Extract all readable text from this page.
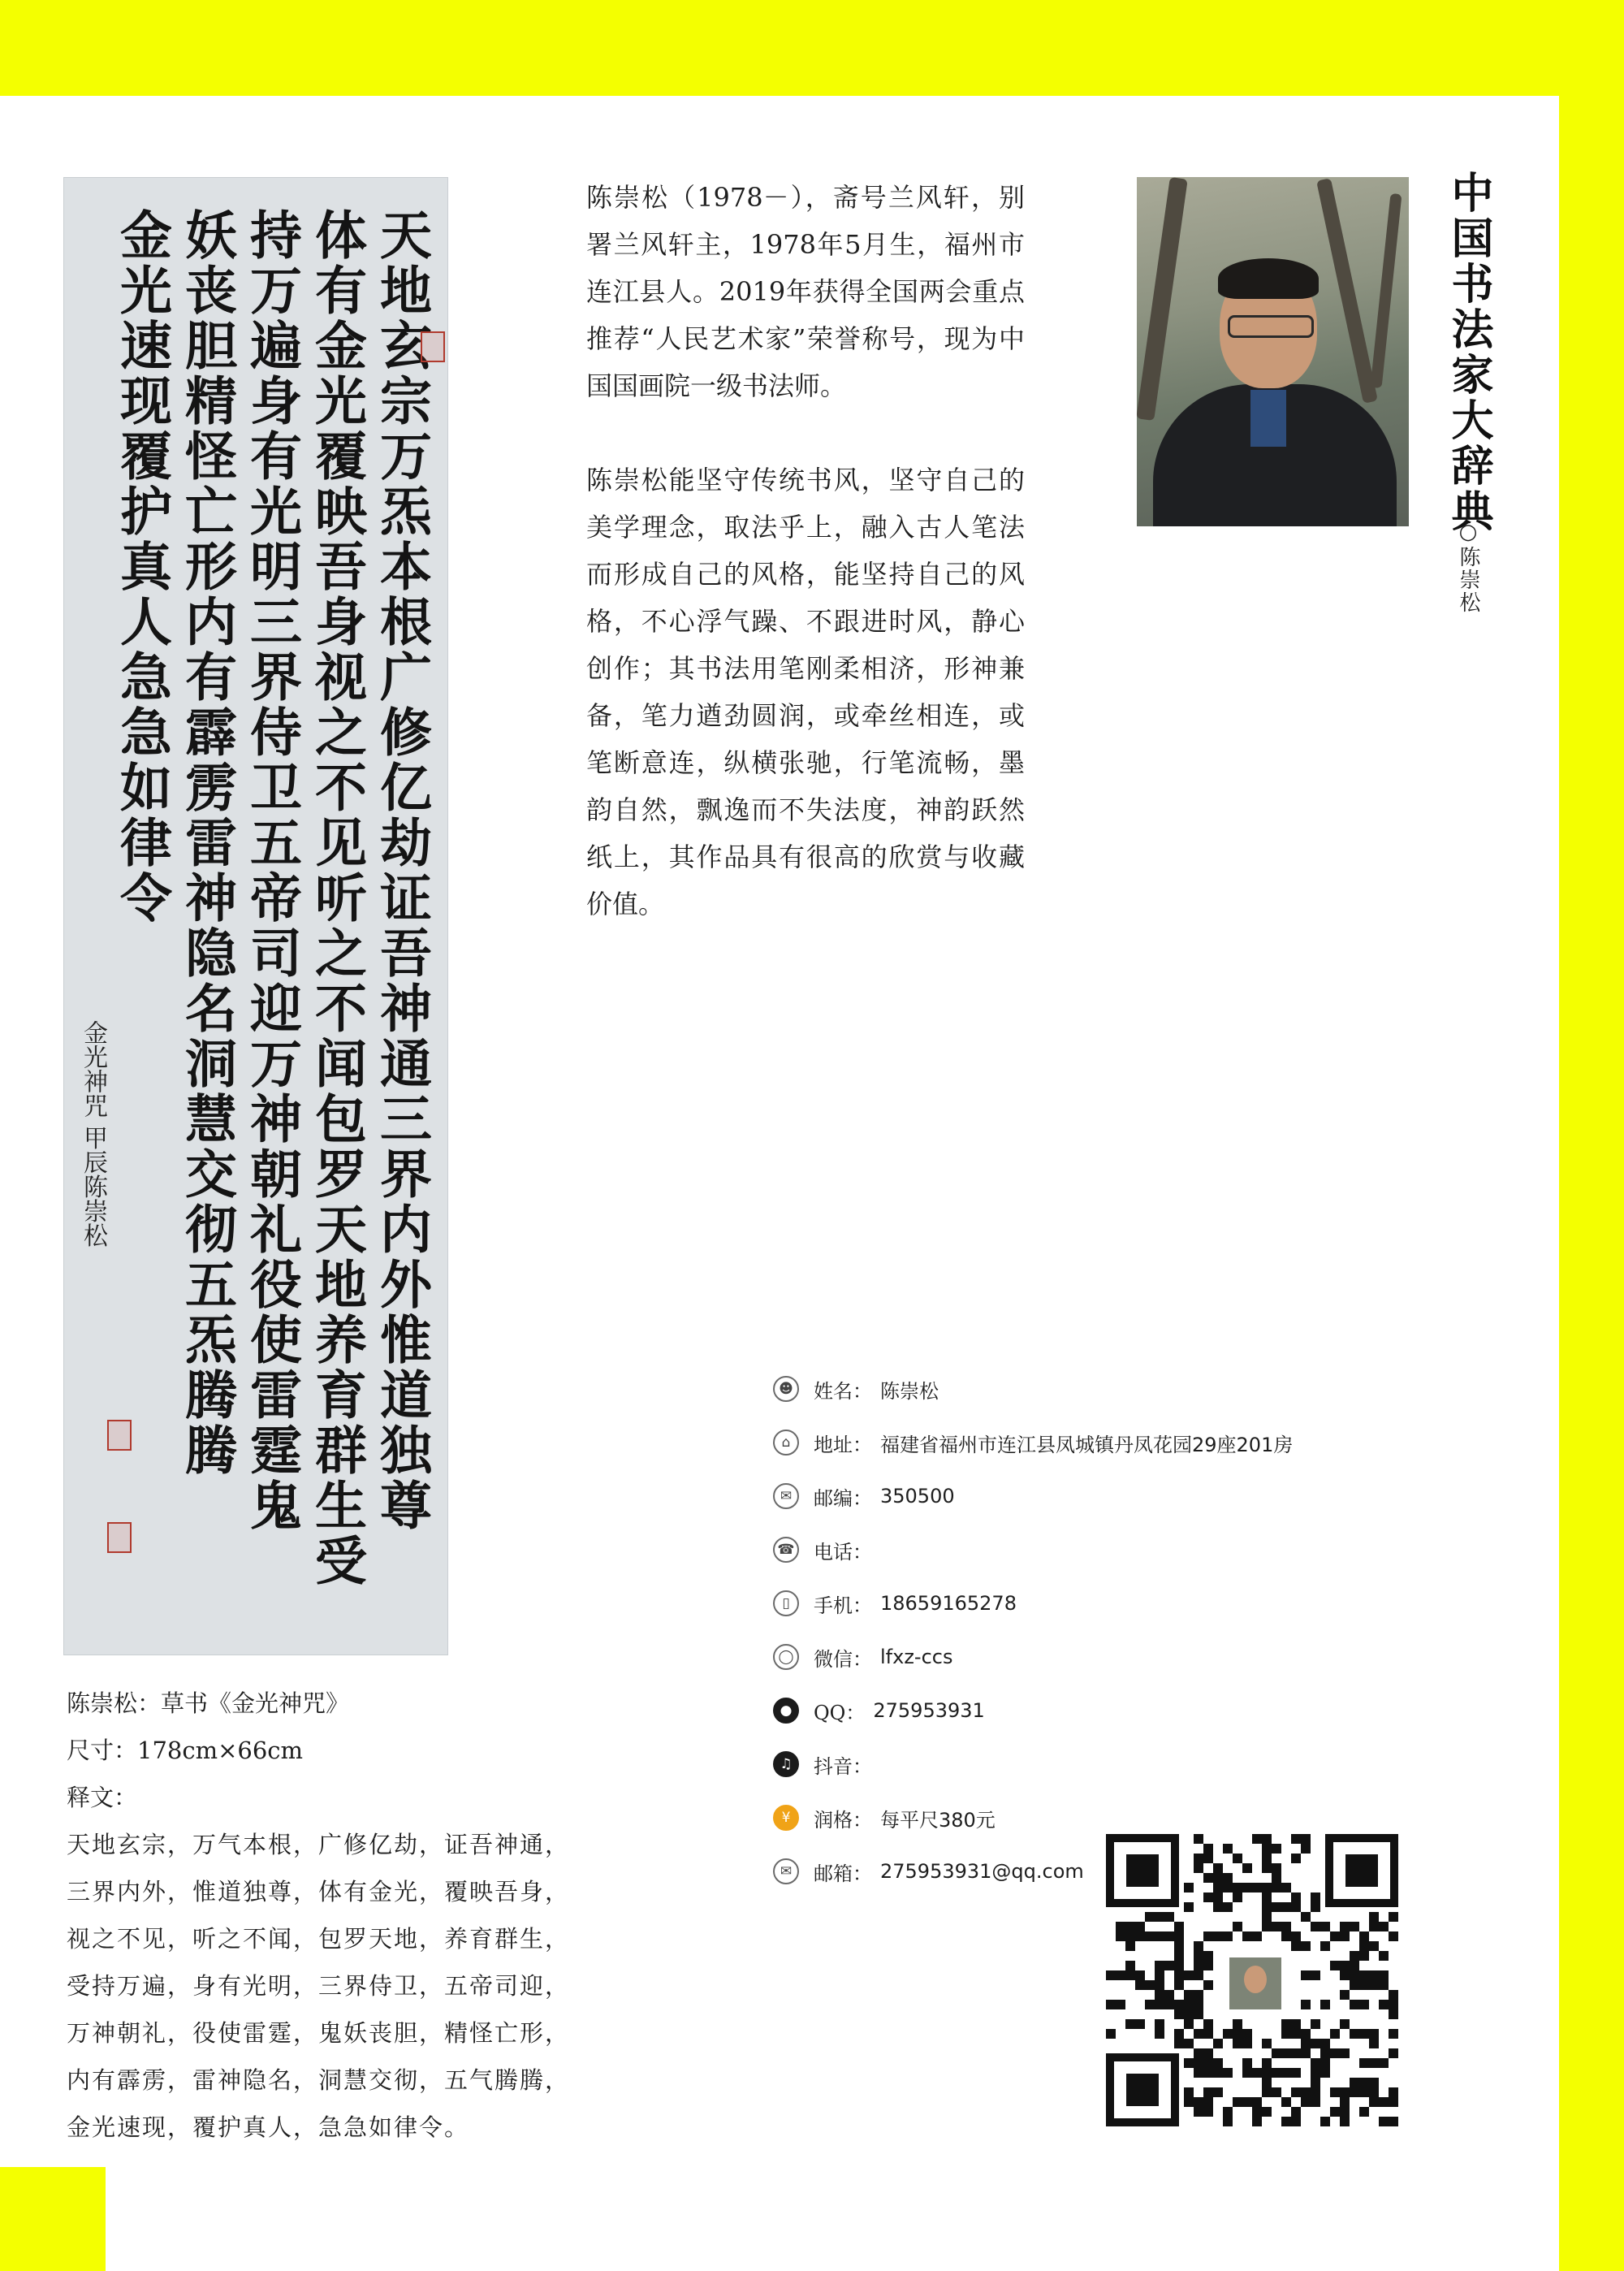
天地玄宗万炁本根广修亿劫证吾神通三界内外惟道独尊
体有金光覆映吾身视之不见听之不闻包罗天地养育群生受
持万遍身有光明三界侍卫五帝司迎万神朝礼役使雷霆鬼
妖丧胆精怪亡形内有霹雳雷神隐名洞慧交彻五炁腾腾
金光速现覆护真人急急如律令
金光神咒 甲辰陈崇松

陈崇松（1978－），斋号兰风轩，别署兰风轩主，1978年5月生，福州市连江县人。2019年获得全国两会重点推荐“人民艺术家”荣誉称号，现为中国国画院一级书法师。

陈崇松能坚守传统书风，坚守自己的美学理念，取法乎上，融入古人笔法而形成自己的风格，能坚持自己的风格，不心浮气躁、不跟进时风，静心创作；其书法用笔刚柔相济，形神兼备，笔力遒劲圆润，或牵丝相连，或笔断意连，纵横张驰，行笔流畅，墨韵自然，飘逸而不失法度，神韵跃然纸上，其作品具有很高的欣赏与收藏价值。

中国书法家大辞典
○陈崇松
陈崇松：草书《金光神咒》
尺寸：178cm×66cm
释文：
天地玄宗，万气本根，广修亿劫，证吾神通，
三界内外，惟道独尊，体有金光，覆映吾身，
视之不见，听之不闻，包罗天地，养育群生，
受持万遍，身有光明，三界侍卫，五帝司迎，
万神朝礼，役使雷霆，鬼妖丧胆，精怪亡形，
内有霹雳，雷神隐名，洞慧交彻，五气腾腾，
金光速现，覆护真人，急急如律令。
☻ 姓名： 陈崇松
⌂	地址： 福建省福州市连江县凤城镇丹凤花园29座201房
✉	邮编： 350500
☎ 电话：
▯	手机： 18659165278
◯ 微信： lfxz-ccs
●	QQ： 275953931
♫	抖音：
¥	润格： 每平尺380元
✉	邮箱： 275953931@qq.com
